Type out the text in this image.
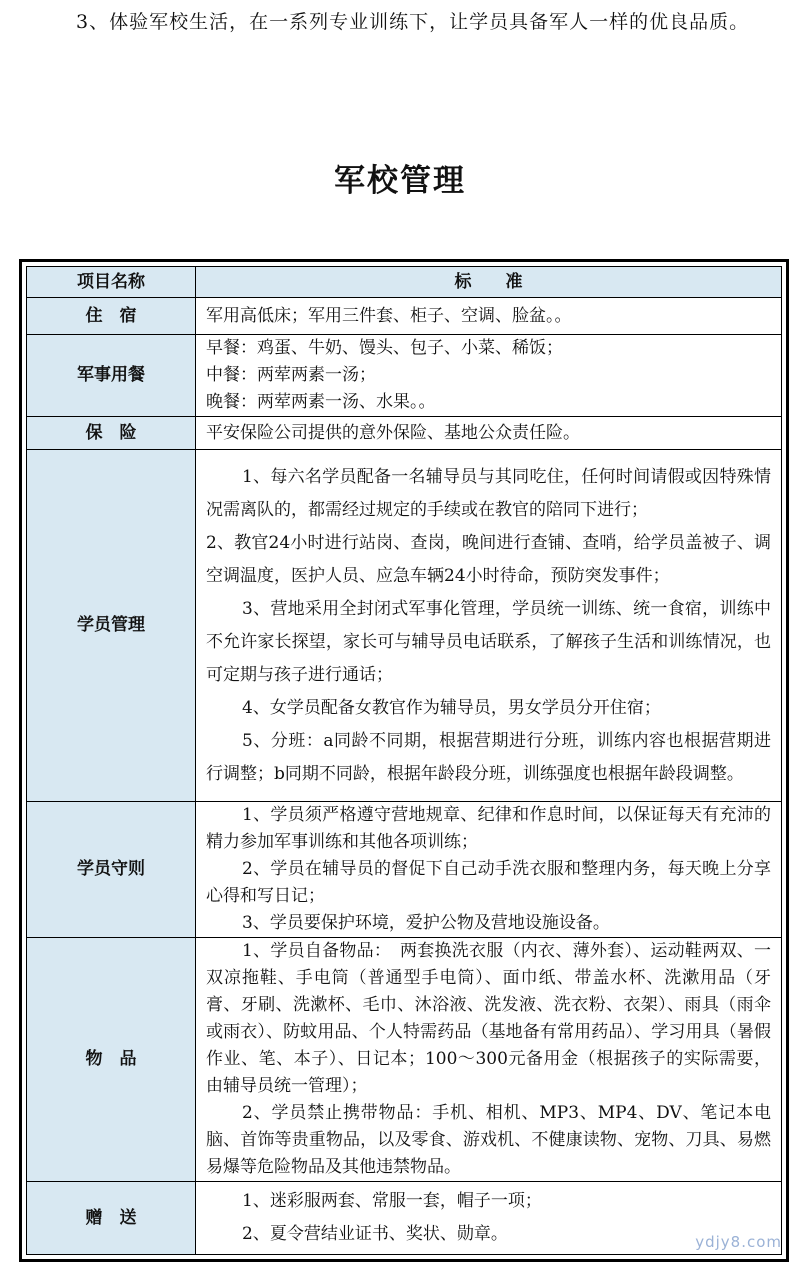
3、体验军校生活，在一系列专业训练下，让学员具备军人一样的优良品质。

军校管理
项目名称	标　　准
住　宿	军用高低床；军用三件套、柜子、空调、脸盆。。

军事用餐	早餐：鸡蛋、牛奶、馒头、包子、小菜、稀饭；

中餐：两荤两素一汤；

晚餐：两荤两素一汤、水果。。

保　险	平安保险公司提供的意外保险、基地公众责任险。

学员管理	1、每六名学员配备一名辅导员与其同吃住，任何时间请假或因特殊情况需离队的，都需经过规定的手续或在教官的陪同下进行；

2、教官24小时进行站岗、查岗，晚间进行查铺、查哨，给学员盖被子、调空调温度，医护人员、应急车辆24小时待命，预防突发事件；

3、营地采用全封闭式军事化管理，学员统一训练、统一食宿，训练中不允许家长探望，家长可与辅导员电话联系，了解孩子生活和训练情况，也可定期与孩子进行通话；

4、女学员配备女教官作为辅导员，男女学员分开住宿；

5、分班：a同龄不同期，根据营期进行分班，训练内容也根据营期进行调整；b同期不同龄，根据年龄段分班，训练强度也根据年龄段调整。

学员守则	1、学员须严格遵守营地规章、纪律和作息时间，以保证每天有充沛的精力参加军事训练和其他各项训练；

2、学员在辅导员的督促下自己动手洗衣服和整理内务，每天晚上分享心得和写日记；

3、学员要保护环境，爱护公物及营地设施设备。

物　品	1、学员自备物品：　两套换洗衣服（内衣、薄外套）、运动鞋两双、一双凉拖鞋、手电筒（普通型手电筒）、面巾纸、带盖水杯、洗漱用品（牙膏、牙刷、洗漱杯、毛巾、沐浴液、洗发液、洗衣粉、衣架）、雨具（雨伞或雨衣）、防蚊用品、个人特需药品（基地备有常用药品）、学习用具（暑假作业、笔、本子）、日记本；100～300元备用金（根据孩子的实际需要，由辅导员统一管理）；

2、学员禁止携带物品：手机、相机、MP3、MP4、DV、笔记本电脑、首饰等贵重物品，以及零食、游戏机、不健康读物、宠物、刀具、易燃易爆等危险物品及其他违禁物品。

赠　送	1、迷彩服两套、常服一套，帽子一项；

2、夏令营结业证书、奖状、勋章。	ydjy8.com
